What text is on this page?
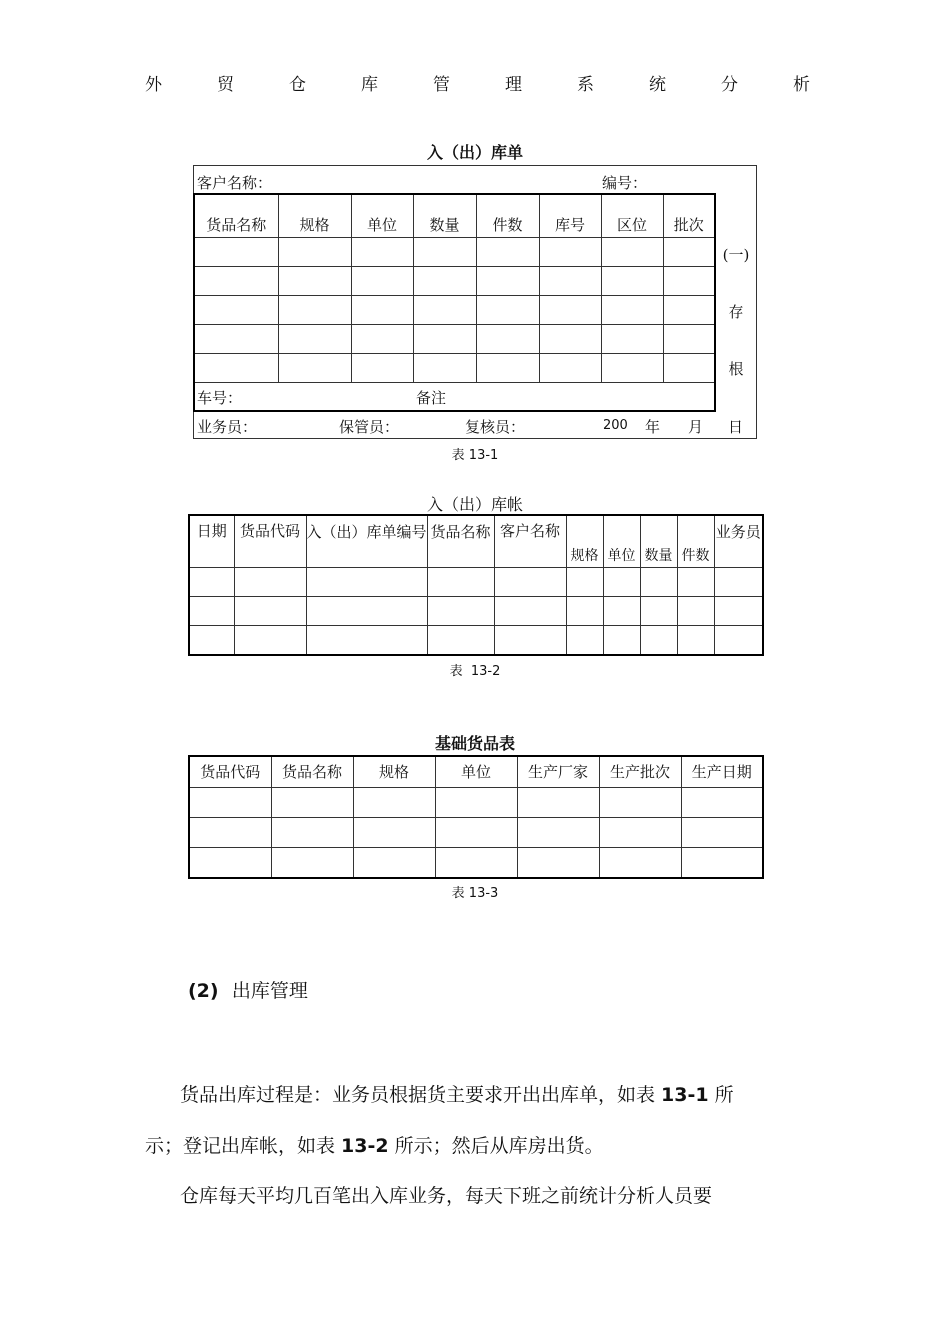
外	贸	仓	库	管	理	系	统	分	析
入（出）库单
客户名称：	编号：
货品名称	规格	单位	数量	件数	库号	区位	批次

车号：	备注
业务员：	保管员：	复核员：	200 年 月 日
(一)
存
根
表 13-1
入（出）库帐
日期	货品代码	入（出）库单编号	货品名称	客户名称	规格	单位	数量	件数	业务员

表  13-2
基础货品表
货品代码	货品名称	规格	单位	生产厂家	生产批次	生产日期

表 13-3
(2) 出库管理
货品出库过程是：业务员根据货主要求开出出库单，如表 13-1 所
示；登记出库帐，如表 13-2 所示；然后从库房出货。
仓库每天平均几百笔出入库业务，每天下班之前统计分析人员要
